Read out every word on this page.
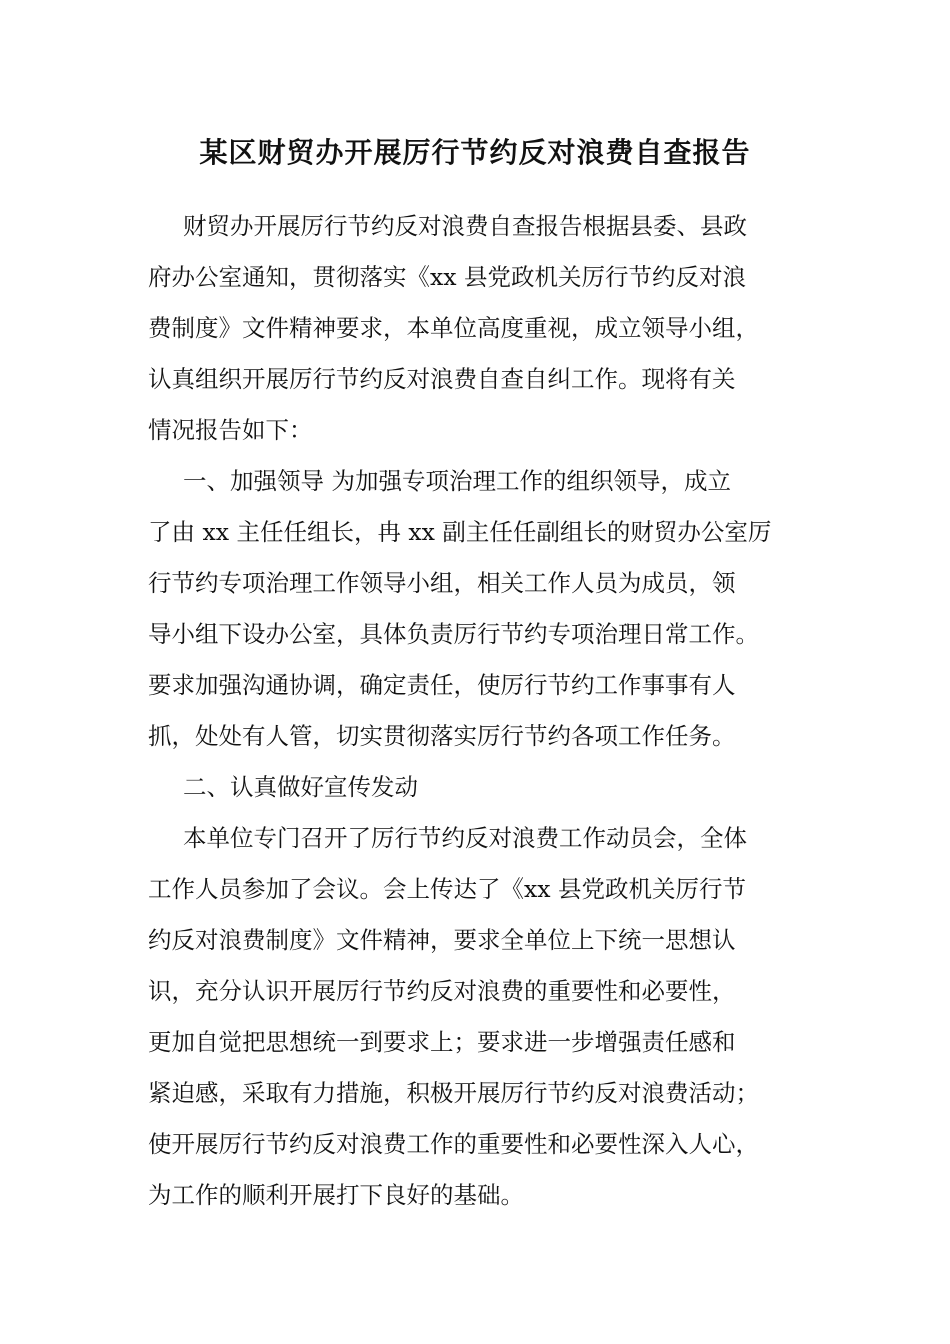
某区财贸办开展厉行节约反对浪费自查报告
财贸办开展厉行节约反对浪费自查报告根据县委、县政
府办公室通知，贯彻落实《xx 县党政机关厉行节约反对浪
费制度》文件精神要求，本单位高度重视，成立领导小组，
认真组织开展厉行节约反对浪费自查自纠工作。现将有关
情况报告如下：
一、加强领导 为加强专项治理工作的组织领导，成立
了由 xx 主任任组长，冉 xx 副主任任副组长的财贸办公室厉
行节约专项治理工作领导小组，相关工作人员为成员，领
导小组下设办公室，具体负责厉行节约专项治理日常工作。
要求加强沟通协调，确定责任，使厉行节约工作事事有人
抓，处处有人管，切实贯彻落实厉行节约各项工作任务。
二、认真做好宣传发动
本单位专门召开了厉行节约反对浪费工作动员会，全体
工作人员参加了会议。会上传达了《xx 县党政机关厉行节
约反对浪费制度》文件精神，要求全单位上下统一思想认
识，充分认识开展厉行节约反对浪费的重要性和必要性，
更加自觉把思想统一到要求上；要求进一步增强责任感和
紧迫感，采取有力措施，积极开展厉行节约反对浪费活动；
使开展厉行节约反对浪费工作的重要性和必要性深入人心，
为工作的顺利开展打下良好的基础。
